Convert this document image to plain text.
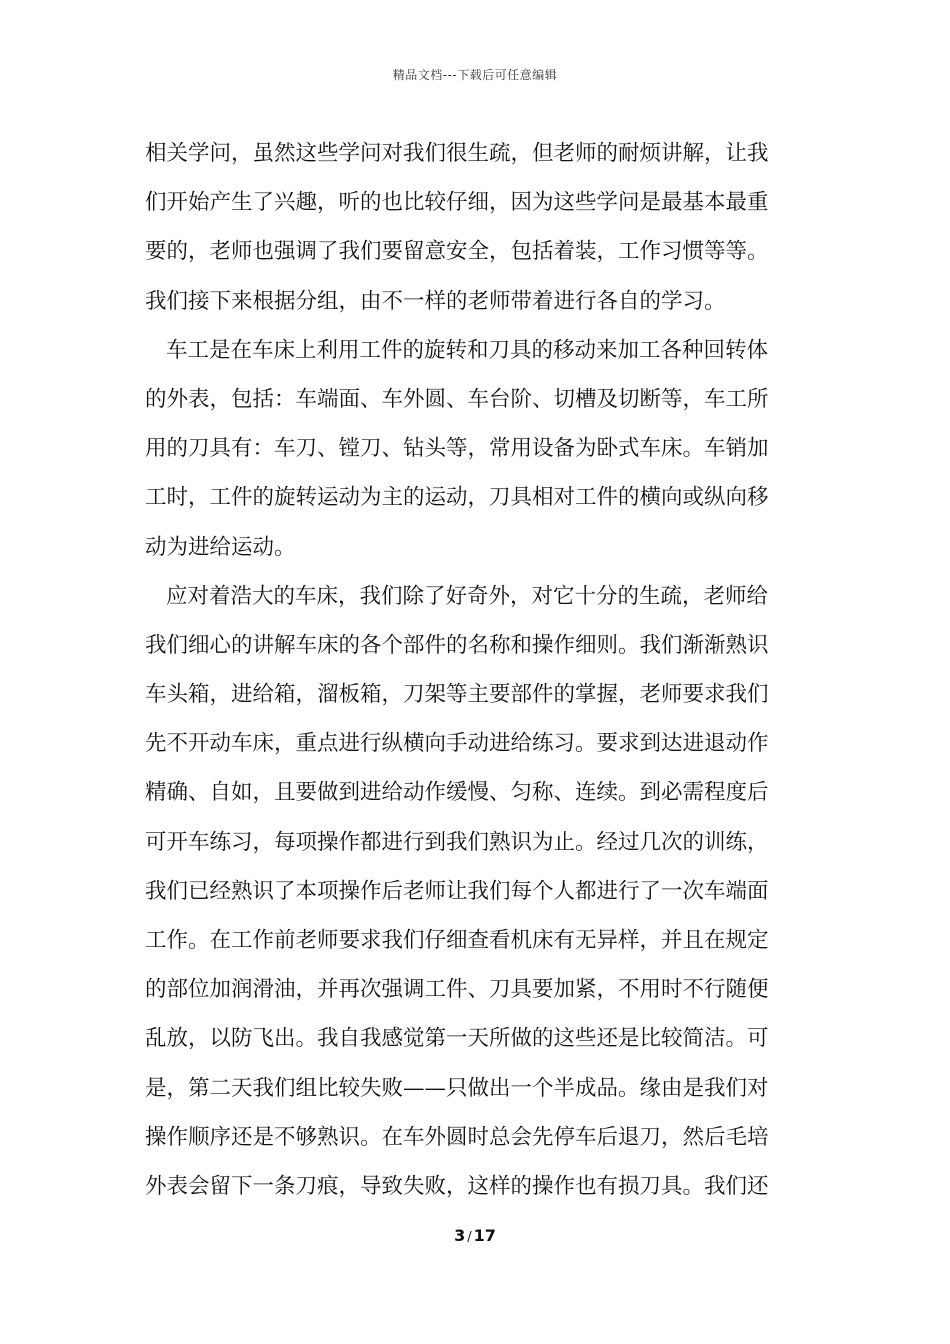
精品文档---下载后可任意编辑
相关学问，虽然这些学问对我们很生疏，但老师的耐烦讲解，让我
们开始产生了兴趣，听的也比较仔细，因为这些学问是最基本最重
要的，老师也强调了我们要留意安全，包括着装，工作习惯等等。
我们接下来根据分组，由不一样的老师带着进行各自的学习。
车工是在车床上利用工件的旋转和刀具的移动来加工各种回转体
的外表，包括：车端面、车外圆、车台阶、切槽及切断等，车工所
用的刀具有：车刀、镗刀、钻头等，常用设备为卧式车床。车销加
工时，工件的旋转运动为主的运动，刀具相对工件的横向或纵向移
动为进给运动。
应对着浩大的车床，我们除了好奇外，对它十分的生疏，老师给
我们细心的讲解车床的各个部件的名称和操作细则。我们渐渐熟识
车头箱，进给箱，溜板箱，刀架等主要部件的掌握，老师要求我们
先不开动车床，重点进行纵横向手动进给练习。要求到达进退动作
精确、自如，且要做到进给动作缓慢、匀称、连续。到必需程度后
可开车练习，每项操作都进行到我们熟识为止。经过几次的训练，
我们已经熟识了本项操作后老师让我们每个人都进行了一次车端面
工作。在工作前老师要求我们仔细查看机床有无异样，并且在规定
的部位加润滑油，并再次强调工件、刀具要加紧，不用时不行随便
乱放，以防飞出。我自我感觉第一天所做的这些还是比较简洁。可
是，第二天我们组比较失败——只做出一个半成品。缘由是我们对
操作顺序还是不够熟识。在车外圆时总会先停车后退刀，然后毛培
外表会留下一条刀痕，导致失败，这样的操作也有损刀具。我们还
3 / 17
